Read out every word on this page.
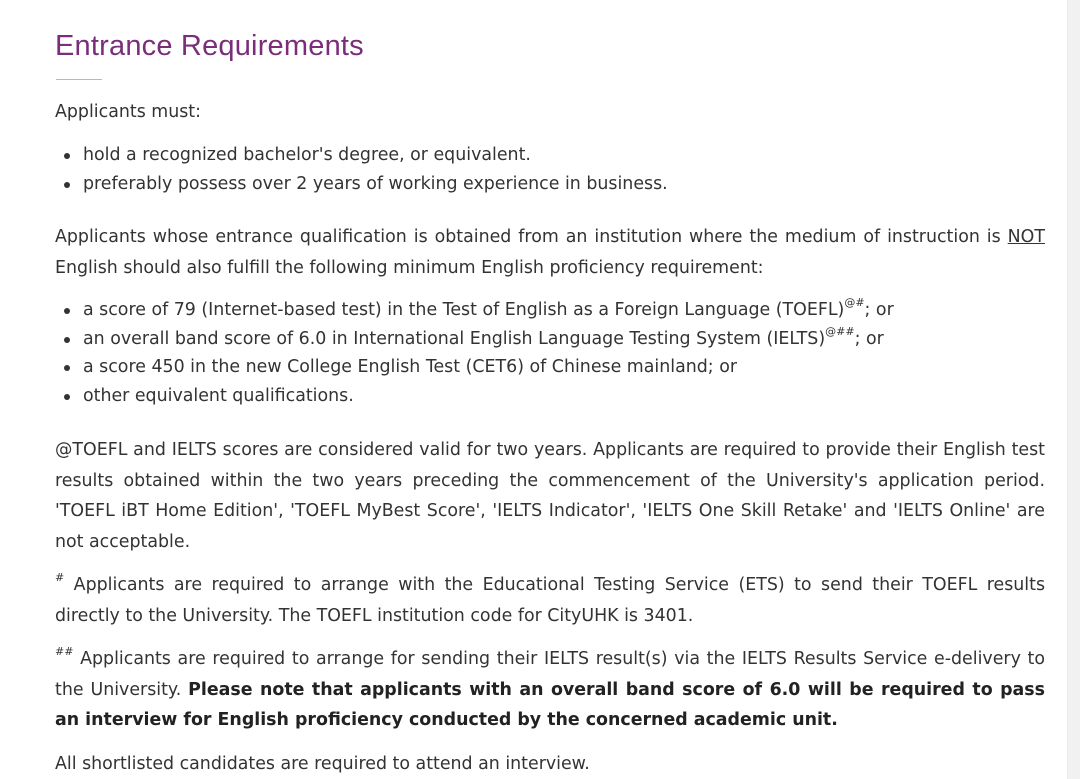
Entrance Requirements

Applicants must:

hold a recognized bachelor's degree, or equivalent.
preferably possess over 2 years of working experience in business.

Applicants whose entrance qualification is obtained from an institution where the medium of instruction is NOT English should also fulfill the following minimum English proficiency requirement:

a score of 79 (Internet-based test) in the Test of English as a Foreign Language (TOEFL)@#; or
an overall band score of 6.0 in International English Language Testing System (IELTS)@##; or
a score 450 in the new College English Test (CET6) of Chinese mainland; or
other equivalent qualifications.

@TOEFL and IELTS scores are considered valid for two years. Applicants are required to provide their English test results obtained within the two years preceding the commencement of the University's application period. 'TOEFL iBT Home Edition', 'TOEFL MyBest Score', 'IELTS Indicator', 'IELTS One Skill Retake' and 'IELTS Online' are not acceptable.

# Applicants are required to arrange with the Educational Testing Service (ETS) to send their TOEFL results directly to the University. The TOEFL institution code for CityUHK is 3401.

## Applicants are required to arrange for sending their IELTS result(s) via the IELTS Results Service e-delivery to the University. Please note that applicants with an overall band score of 6.0 will be required to pass an interview for English proficiency conducted by the concerned academic unit.

All shortlisted candidates are required to attend an interview.
